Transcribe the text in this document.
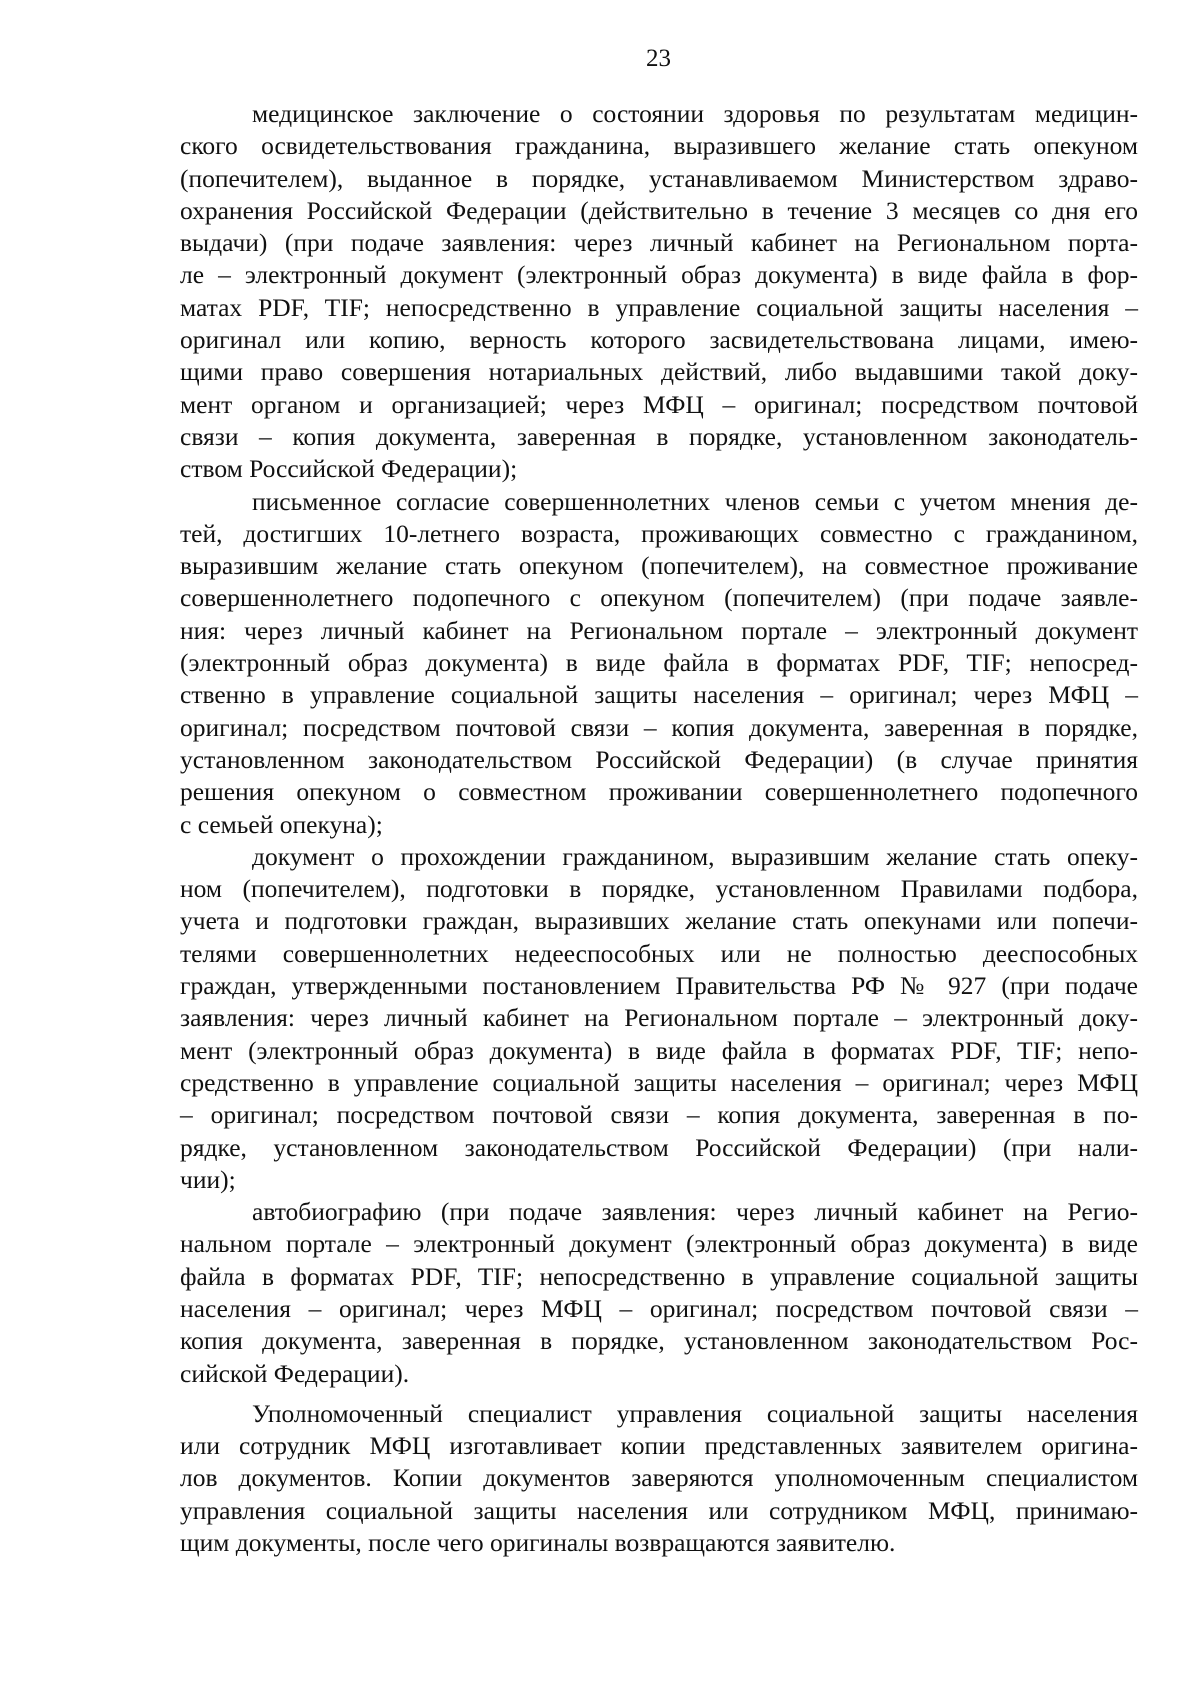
23
медицинское заключение о состоянии здоровья по результатам медицин-
ского освидетельствования гражданина, выразившего желание стать опекуном
(попечителем), выданное в порядке, устанавливаемом Министерством здраво-
охранения Российской Федерации (действительно в течение 3 месяцев со дня его
выдачи) (при подаче заявления: через личный кабинет на Региональном порта-
ле – электронный документ (электронный образ документа) в виде файла в фор-
матах PDF, TIF; непосредственно в управление социальной защиты населения –
оригинал или копию, верность которого засвидетельствована лицами, имею-
щими право совершения нотариальных действий, либо выдавшими такой доку-
мент органом и организацией; через МФЦ – оригинал; посредством почтовой
связи – копия документа, заверенная в порядке, установленном законодатель-
ством Российской Федерации);
письменное согласие совершеннолетних членов семьи с учетом мнения де-
тей, достигших 10-летнего возраста, проживающих совместно с гражданином,
выразившим желание стать опекуном (попечителем), на совместное проживание
совершеннолетнего подопечного с опекуном (попечителем) (при подаче заявле-
ния: через личный кабинет на Региональном портале – электронный документ
(электронный образ документа) в виде файла в форматах PDF, TIF; непосред-
ственно в управление социальной защиты населения – оригинал; через МФЦ –
оригинал; посредством почтовой связи – копия документа, заверенная в порядке,
установленном законодательством Российской Федерации) (в случае принятия
решения опекуном о совместном проживании совершеннолетнего подопечного
с семьей опекуна);
документ о прохождении гражданином, выразившим желание стать опеку-
ном (попечителем), подготовки в порядке, установленном Правилами подбора,
учета и подготовки граждан, выразивших желание стать опекунами или попечи-
телями совершеннолетних недееспособных или не полностью дееспособных
граждан, утвержденными постановлением Правительства РФ № 927 (при подаче
заявления: через личный кабинет на Региональном портале – электронный доку-
мент (электронный образ документа) в виде файла в форматах PDF, TIF; непо-
средственно в управление социальной защиты населения – оригинал; через МФЦ
– оригинал; посредством почтовой связи – копия документа, заверенная в по-
рядке, установленном законодательством Российской Федерации) (при нали-
чии);
автобиографию (при подаче заявления: через личный кабинет на Регио-
нальном портале – электронный документ (электронный образ документа) в виде
файла в форматах PDF, TIF; непосредственно в управление социальной защиты
населения – оригинал; через МФЦ – оригинал; посредством почтовой связи –
копия документа, заверенная в порядке, установленном законодательством Рос-
сийской Федерации).
Уполномоченный специалист управления социальной защиты населения
или сотрудник МФЦ изготавливает копии представленных заявителем оригина-
лов документов. Копии документов заверяются уполномоченным специалистом
управления социальной защиты населения или сотрудником МФЦ, принимаю-
щим документы, после чего оригиналы возвращаются заявителю.
